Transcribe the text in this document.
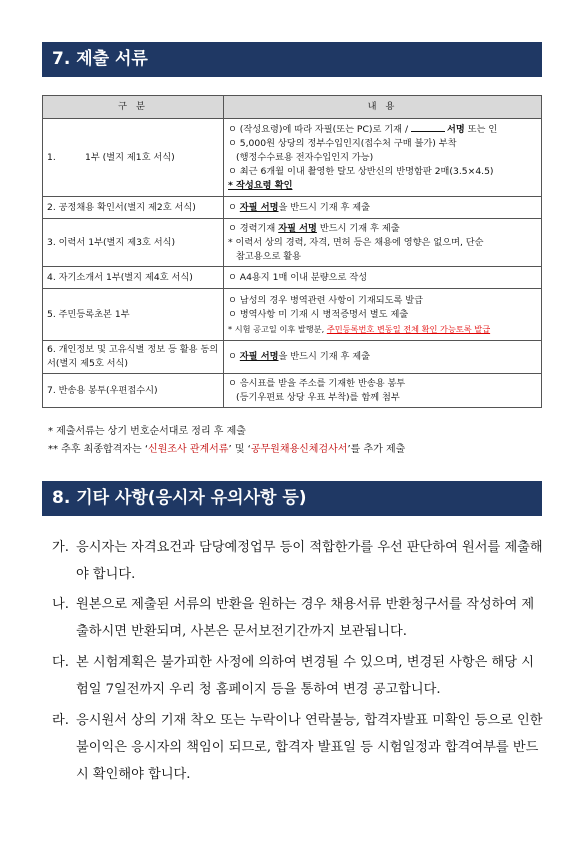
7. 제출 서류
구 분	내 용
1.          1부 (별지 제1호 서식)	ㅇ (작성요령)에 따라 자필(또는 PC)로 기재 / 서명 또는 인
ㅇ 5,000원 상당의 정부수입인지(접수처 구매 불가) 부착
(행정수수료용 전자수입인지 가능)
ㅇ 최근 6개월 이내 촬영한 탈모 상반신의 반명함판 2매(3.5×4.5)
* 작성요령 확인

2. 공정채용 확인서(별지 제2호 서식)	ㅇ 자필 서명을 반드시 기재 후 제출

3. 이력서 1부(별지 제3호 서식)	ㅇ 경력기재 자필 서명 반드시 기재 후 제출
* 이력서 상의 경력, 자격, 면허 등은 채용에 영향은 없으며, 단순
참고용으로 활용

4. 자기소개서 1부(별지 제4호 서식)	ㅇ A4용지 1매 이내 분량으로 작성

5. 주민등록초본 1부	ㅇ 남성의 경우 병역관련 사항이 기재되도록 발급
ㅇ 병역사항 미 기재 시 병적증명서 별도 제출
* 시험 공고일 이후 발행분, 주민등록번호 변동일 전체 확인 가능토록 발급

6. 개인정보 및 고유식별 정보 등 활용 동의서(별지 제5호 서식)	ㅇ 자필 서명을 반드시 기재 후 제출

7. 반송용 봉투(우편접수시)	ㅇ 응시표를 받을 주소를 기재한 반송용 봉투
(등기우편료 상당 우표 부착)를 함께 첨부
* 제출서류는 상기 번호순서대로 정리 후 제출
** 추후 최종합격자는 ‘신원조사 관계서류’ 및 ‘공무원채용신체검사서’를 추가 제출
8. 기타 사항(응시자 유의사항 등)
가. 응시자는 자격요건과 담당예정업무 등이 적합한가를 우선 판단하여 원서를 제출해야 합니다.
나. 원본으로 제출된 서류의 반환을 원하는 경우 채용서류 반환청구서를 작성하여 제출하시면 반환되며, 사본은 문서보전기간까지 보관됩니다.
다. 본 시험계획은 불가피한 사정에 의하여 변경될 수 있으며, 변경된 사항은 해당 시험일 7일전까지 우리 청 홈페이지 등을 통하여 변경 공고합니다.
라. 응시원서 상의 기재 착오 또는 누락이나 연락불능, 합격자발표 미확인 등으로 인한 불이익은 응시자의 책임이 되므로, 합격자 발표일 등 시험일정과 합격여부를 반드시 확인해야 합니다.
